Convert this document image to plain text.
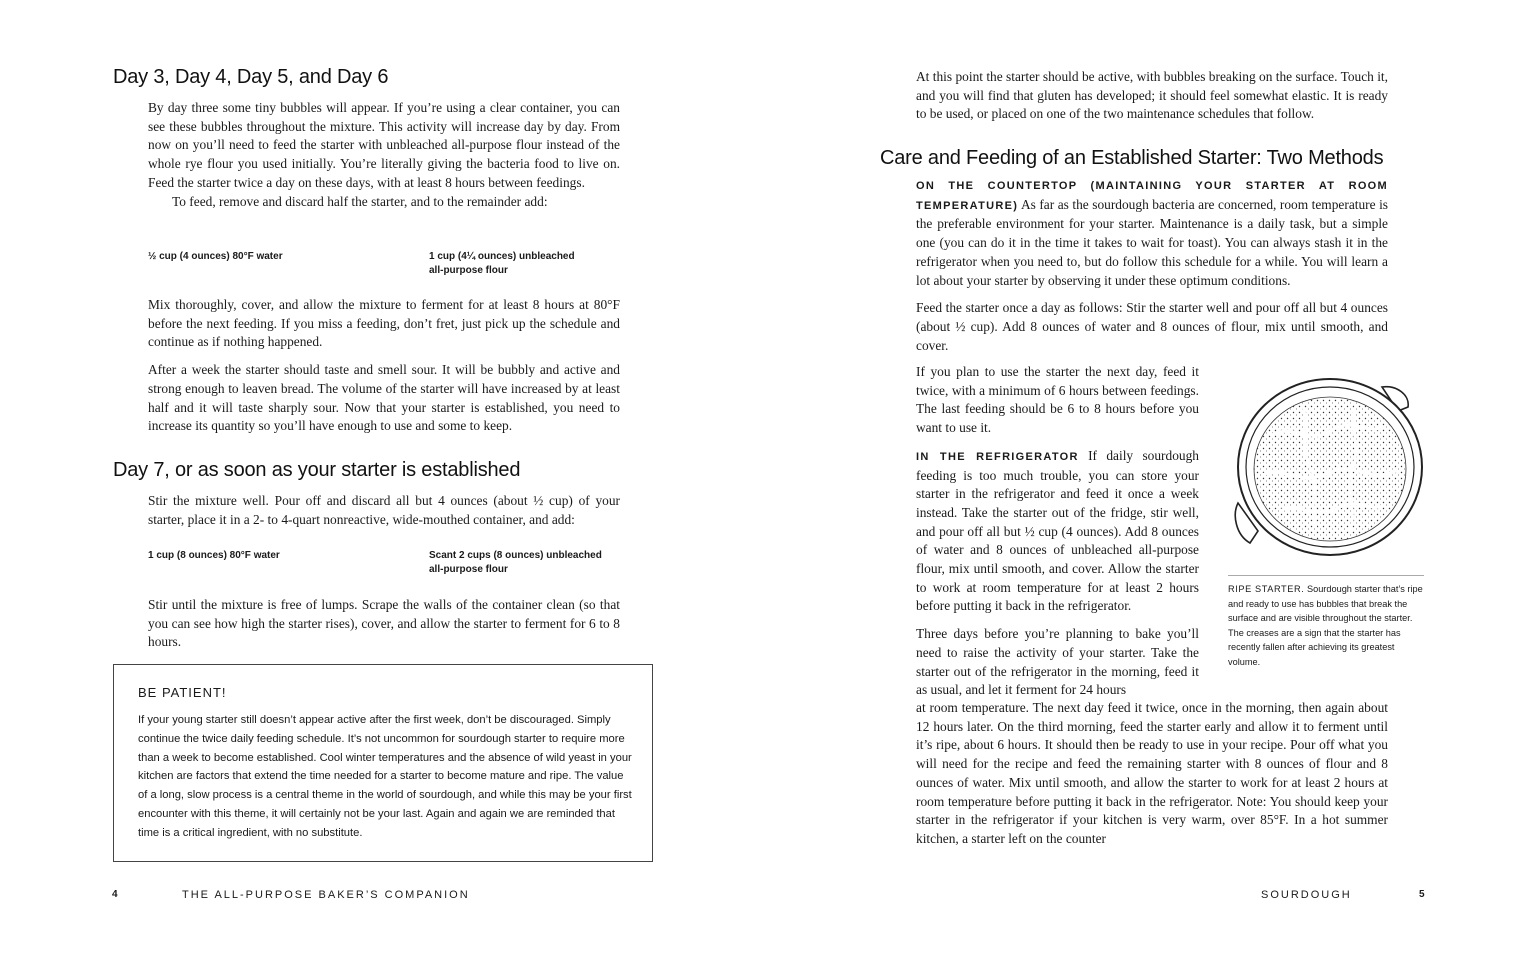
Day 3, Day 4, Day 5, and Day 6

By day three some tiny bubbles will appear. If you’re using a clear container, you can see these bubbles throughout the mixture. This activity will increase day by day. From now on you’ll need to feed the starter with unbleached all-purpose flour instead of the whole rye flour you used initially. You’re literally giving the bacteria food to live on. Feed the starter twice a day on these days, with at least 8 hours between feedings.

To feed, remove and discard half the starter, and to the remainder add:

½ cup (4 ounces) 80°F water	1 cup (4¼ ounces) unbleached
all-purpose flour

Mix thoroughly, cover, and allow the mixture to ferment for at least 8 hours at 80°F before the next feeding. If you miss a feeding, don’t fret, just pick up the schedule and continue as if nothing happened.

After a week the starter should taste and smell sour. It will be bubbly and active and strong enough to leaven bread. The volume of the starter will have increased by at least half and it will taste sharply sour. Now that your starter is established, you need to increase its quantity so you’ll have enough to use and some to keep.

Day 7, or as soon as your starter is established

Stir the mixture well. Pour off and discard all but 4 ounces (about ½ cup) of your starter, place it in a 2- to 4-quart nonreactive, wide-mouthed container, and add:

1 cup (8 ounces) 80°F water	Scant 2 cups (8 ounces) unbleached
all-purpose flour

Stir until the mixture is free of lumps. Scrape the walls of the container clean (so that you can see how high the starter rises), cover, and allow the starter to ferment for 6 to 8 hours.

BE PATIENT!
If your young starter still doesn’t appear active after the first week, don’t be discouraged. Simply continue the twice daily feeding schedule. It’s not uncommon for sourdough starter to require more than a week to become established. Cool winter temperatures and the absence of wild yeast in your kitchen are factors that extend the time needed for a starter to become mature and ripe. The value of a long, slow process is a central theme in the world of sourdough, and while this may be your first encounter with this theme, it will certainly not be your last. Again and again we are reminded that time is a critical ingredient, with no substitute.
4	THE ALL-PURPOSE BAKER’S COMPANION

At this point the starter should be active, with bubbles breaking on the surface. Touch it, and you will find that gluten has developed; it should feel somewhat elastic. It is ready to be used, or placed on one of the two maintenance schedules that follow.

Care and Feeding of an Established Starter: Two Methods

ON THE COUNTERTOP (MAINTAINING YOUR STARTER AT ROOM TEMPERATURE) As far as the sourdough bacteria are concerned, room temperature is the preferable environment for your starter. Maintenance is a daily task, but a simple one (you can do it in the time it takes to wait for toast). You can always stash it in the refrigerator when you need to, but do follow this schedule for a while. You will learn a lot about your starter by observing it under these optimum conditions.

Feed the starter once a day as follows: Stir the starter well and pour off all but 4 ounces (about ½ cup). Add 8 ounces of water and 8 ounces of flour, mix until smooth, and cover.

If you plan to use the starter the next day, feed it twice, with a minimum of 6 hours between feedings. The last feeding should be 6 to 8 hours before you want to use it.

IN THE REFRIGERATOR If daily sourdough feeding is too much trouble, you can store your starter in the refrigerator and feed it once a week instead. Take the starter out of the fridge, stir well, and pour off all but ½ cup (4 ounces). Add 8 ounces of water and 8 ounces of unbleached all-purpose flour, mix until smooth, and cover. Allow the starter to work at room temperature for at least 2 hours before putting it back in the refrigerator.

Three days before you’re planning to bake you’ll need to raise the activity of your starter. Take the starter out of the refrigerator in the morning, feed it as usual, and let it ferment for 24 hours

at room temperature. The next day feed it twice, once in the morning, then again about 12 hours later. On the third morning, feed the starter early and allow it to ferment until it’s ripe, about 6 hours. It should then be ready to use in your recipe. Pour off what you will need for the recipe and feed the remaining starter with 8 ounces of flour and 8 ounces of water. Mix until smooth, and allow the starter to work for at least 2 hours at room temperature before putting it back in the refrigerator. Note: You should keep your starter in the refrigerator if your kitchen is very warm, over 85°F. In a hot summer kitchen, a starter left on the counter

RIPE STARTER. Sourdough starter that’s ripe and ready to use has bubbles that break the surface and are visible throughout the starter. The creases are a sign that the starter has recently fallen after achieving its greatest volume.
SOURDOUGH	5
